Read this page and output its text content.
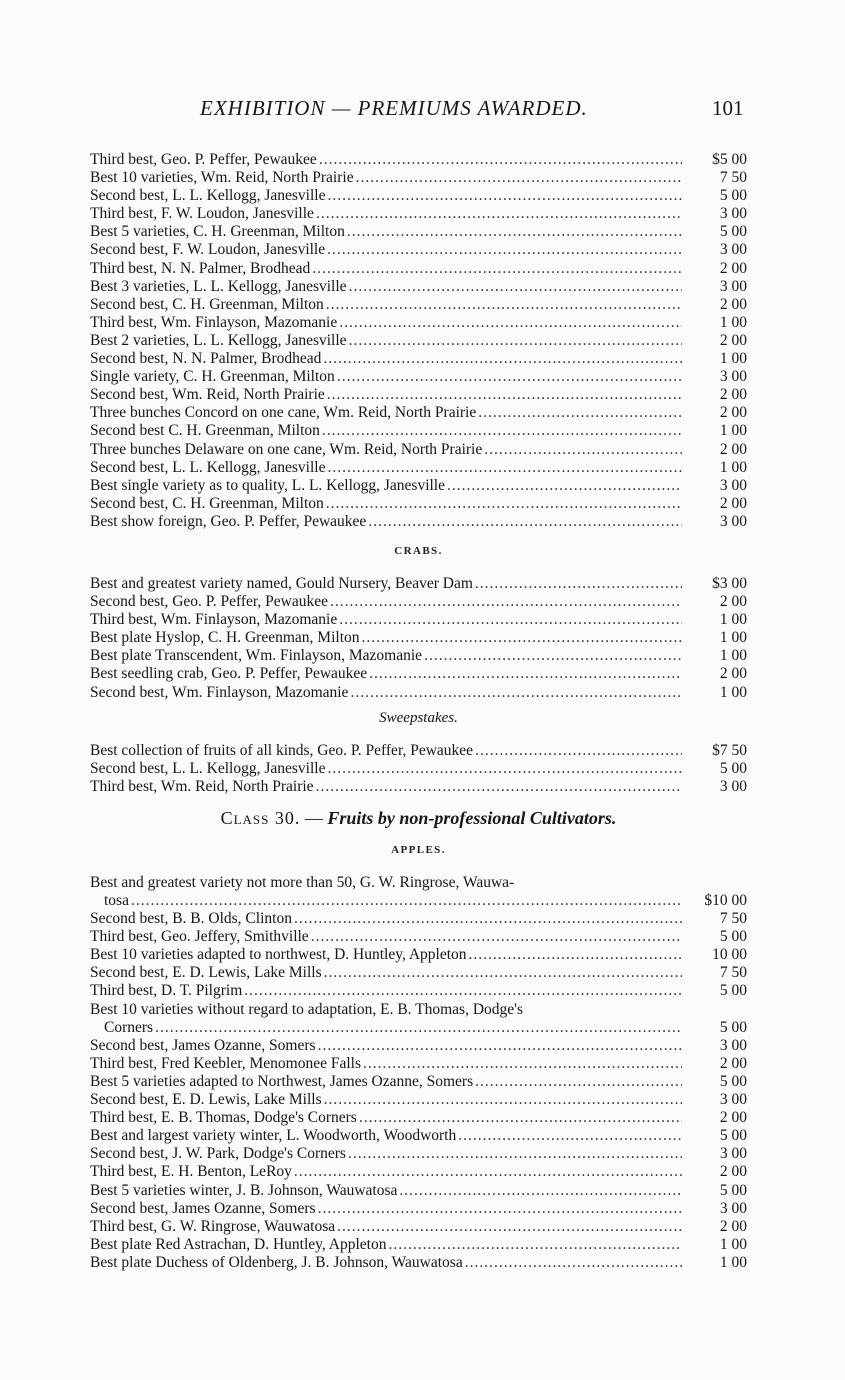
EXHIBITION — PREMIUMS AWARDED.	101
Third best, Geo. P. Peffer, Pewaukee .....	$5 00
Best 10 varieties, Wm. Reid, North Prairie .....	7 50
Second best, L. L. Kellogg, Janesville .....	5 00
Third best, F. W. Loudon, Janesville .....	3 00
Best 5 varieties, C. H. Greenman, Milton .....	5 00
Second best, F. W. Loudon, Janesville .....	3 00
Third best, N. N. Palmer, Brodhead .....	2 00
Best 3 varieties, L. L. Kellogg, Janesville .....	3 00
Second best, C. H. Greenman, Milton .....	2 00
Third best, Wm. Finlayson, Mazomanie .....	1 00
Best 2 varieties, L. L. Kellogg, Janesville .....	2 00
Second best, N. N. Palmer, Brodhead .....	1 00
Single variety, C. H. Greenman, Milton .....	3 00
Second best, Wm. Reid, North Prairie .....	2 00
Three bunches Concord on one cane, Wm. Reid, North Prairie .....	2 00
Second best C. H. Greenman, Milton .....	1 00
Three bunches Delaware on one cane, Wm. Reid, North Prairie .....	2 00
Second best, L. L. Kellogg, Janesville .....	1 00
Best single variety as to quality, L. L. Kellogg, Janesville .....	3 00
Second best, C. H. Greenman, Milton .....	2 00
Best show foreign, Geo. P. Peffer, Pewaukee .....	3 00
CRABS.
Best and greatest variety named, Gould Nursery, Beaver Dam .....	$3 00
Second best, Geo. P. Peffer, Pewaukee .....	2 00
Third best, Wm. Finlayson, Mazomanie .....	1 00
Best plate Hyslop, C. H. Greenman, Milton .....	1 00
Best plate Transcendent, Wm. Finlayson, Mazomanie .....	1 00
Best seedling crab, Geo. P. Peffer, Pewaukee .....	2 00
Second best, Wm. Finlayson, Mazomanie .....	1 00
Sweepstakes.
Best collection of fruits of all kinds, Geo. P. Peffer, Pewaukee .....	$7 50
Second best, L. L. Kellogg, Janesville .....	5 00
Third best, Wm. Reid, North Prairie .....	3 00
Class 30. — Fruits by non-professional Cultivators.
APPLES.
Best and greatest variety not more than 50, G. W. Ringrose, Wauwa-
tosa .....	$10 00
Second best, B. B. Olds, Clinton .....	7 50
Third best, Geo. Jeffery, Smithville .....	5 00
Best 10 varieties adapted to northwest, D. Huntley, Appleton .....	10 00
Second best, E. D. Lewis, Lake Mills .....	7 50
Third best, D. T. Pilgrim .....	5 00
Best 10 varieties without regard to adaptation, E. B. Thomas, Dodge's
Corners .....	5 00
Second best, James Ozanne, Somers .....	3 00
Third best, Fred Keebler, Menomonee Falls .....	2 00
Best 5 varieties adapted to Northwest, James Ozanne, Somers .....	5 00
Second best, E. D. Lewis, Lake Mills .....	3 00
Third best, E. B. Thomas, Dodge's Corners .....	2 00
Best and largest variety winter, L. Woodworth, Woodworth .....	5 00
Second best, J. W. Park, Dodge's Corners .....	3 00
Third best, E. H. Benton, LeRoy .....	2 00
Best 5 varieties winter, J. B. Johnson, Wauwatosa .....	5 00
Second best, James Ozanne, Somers .....	3 00
Third best, G. W. Ringrose, Wauwatosa .....	2 00
Best plate Red Astrachan, D. Huntley, Appleton .....	1 00
Best plate Duchess of Oldenberg, J. B. Johnson, Wauwatosa .....	1 00
